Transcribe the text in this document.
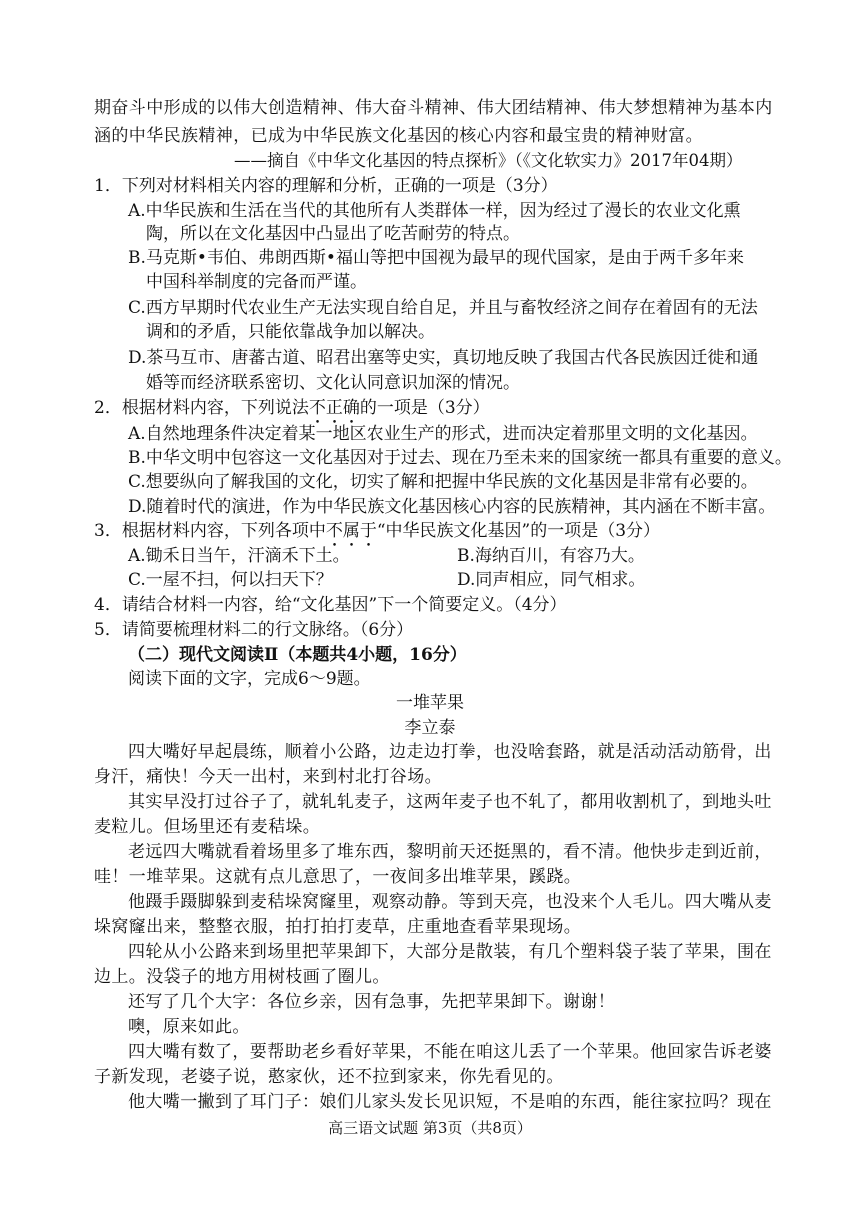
期奋斗中形成的以伟大创造精神、伟大奋斗精神、伟大团结精神、伟大梦想精神为基本内
涵的中华民族精神，已成为中华民族文化基因的核心内容和最宝贵的精神财富。
——摘自《中华文化基因的特点探析》（《文化软实力》2017年04期）
1．下列对材料相关内容的理解和分析，正确的一项是（3分）
A.中华民族和生活在当代的其他所有人类群体一样，因为经过了漫长的农业文化熏
陶，所以在文化基因中凸显出了吃苦耐劳的特点。
B.马克斯•韦伯、弗朗西斯•福山等把中国视为最早的现代国家，是由于两千多年来
中国科举制度的完备而严谨。
C.西方早期时代农业生产无法实现自给自足，并且与畜牧经济之间存在着固有的无法
调和的矛盾，只能依靠战争加以解决。
D.茶马互市、唐蕃古道、昭君出塞等史实，真切地反映了我国古代各民族因迁徙和通
婚等而经济联系密切、文化认同意识加深的情况。
2．根据材料内容，下列说法不正确的一项是（3分）
A.自然地理条件决定着某一地区农业生产的形式，进而决定着那里文明的文化基因。
B.中华文明中包容这一文化基因对于过去、现在乃至未来的国家统一都具有重要的意义。
C.想要纵向了解我国的文化，切实了解和把握中华民族的文化基因是非常有必要的。
D.随着时代的演进，作为中华民族文化基因核心内容的民族精神，其内涵在不断丰富。
3．根据材料内容，下列各项中不属于“中华民族文化基因”的一项是（3分）
A.锄禾日当午，汗滴禾下土。	B.海纳百川，有容乃大。
C.一屋不扫，何以扫天下？	D.同声相应，同气相求。
4．请结合材料一内容，给“文化基因”下一个简要定义。（4分）
5．请简要梳理材料二的行文脉络。（6分）
（二）现代文阅读Ⅱ（本题共4小题，16分）
阅读下面的文字，完成6～9题。
一堆苹果
李立泰
四大嘴好早起晨练，顺着小公路，边走边打拳，也没啥套路，就是活动活动筋骨，出
身汗，痛快！今天一出村，来到村北打谷场。
其实早没打过谷子了，就轧轧麦子，这两年麦子也不轧了，都用收割机了，到地头吐
麦粒儿。但场里还有麦秸垛。
老远四大嘴就看着场里多了堆东西，黎明前天还挺黑的，看不清。他快步走到近前，
哇！一堆苹果。这就有点儿意思了，一夜间多出堆苹果，蹊跷。
他蹑手蹑脚躲到麦秸垛窝窿里，观察动静。等到天亮，也没来个人毛儿。四大嘴从麦
垛窝窿出来，整整衣服，拍打拍打麦草，庄重地查看苹果现场。
四轮从小公路来到场里把苹果卸下，大部分是散装，有几个塑料袋子装了苹果，围在
边上。没袋子的地方用树枝画了圈儿。
还写了几个大字：各位乡亲，因有急事，先把苹果卸下。谢谢！
噢，原来如此。
四大嘴有数了，要帮助老乡看好苹果，不能在咱这儿丢了一个苹果。他回家告诉老婆
子新发现，老婆子说，憨家伙，还不拉到家来，你先看见的。
他大嘴一撇到了耳门子：娘们儿家头发长见识短，不是咱的东西，能往家拉吗？现在
高三语文试题 第3页（共8页）
